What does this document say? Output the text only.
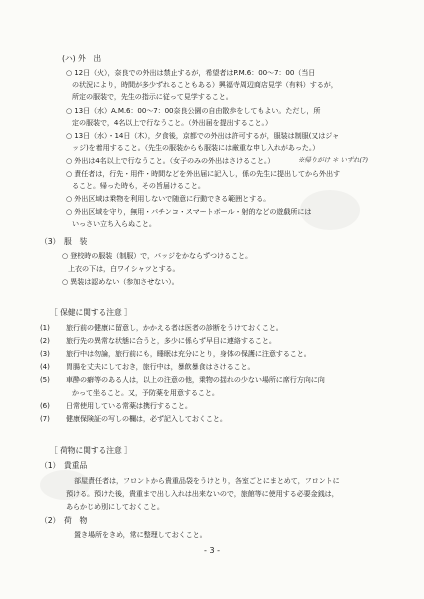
(ハ) 外　出
○ 12日（火），奈良での外出は禁止するが，希望者はP.M.6：00～7：00（当日
の状況により，時間が多少ずれることもある）興福寺周辺商店見学（有料）するが，
所定の服装で，先生の指示に従って見学すること。
○ 13日（水）A.M.6：00～7：00奈良公園の自由散歩をしてもよい。ただし，所
定の服装で，4名以上で行なうこと。（外出届を提出すること。）
○ 13日（水）・14日（木），夕食後，京都での外出は許可するが，服装は制服(又はジャ
ッジ)を着用すること。（先生の服装からも服装には厳重な申し入れがあった。）
○ 外出は4名以上で行なうこと。（女子のみの外出はさけること。）	※帰りがけ ＊ いずれ(?)
○ 責任者は，行先・用件・時間などを外出届に記入し，係の先生に提出してから外出す
ること。帰った時も，その旨届けること。
○ 外出区域は乗物を利用しないで随意に行動できる範囲とする。
○ 外出区域を守り，無用・パチンコ・スマートボール・射的などの遊戯所には
いっさい立ち入らぬこと。
（3）　服　装
○ 登校時の服装（制服）で，バッジをかならずつけること。
上衣の下は，白ワイシャツとする。
○ 異装は認めない（参加させない）。
［ 保健に関する注意 ］
(1) 旅行前の健康に留意し，かかえる者は医者の診断をうけておくこと。
(2) 旅行先の異常な状態に合うと，多少に係らず早目に連絡すること。
(3) 旅行中は勿論，旅行前にも，睡眠は充分にとり，身体の保護に注意すること。
(4) 胃腸を丈夫にしておき，旅行中は，暴飲暴食はさけること。
(5) 車酔の癖等のある人は，以上の注意の他，乗物の揺れの少ない場所に席行方向に向
かって坐ること。又，予防薬を用意すること。
(6) 日常使用している常薬は携行すること。
(7) 健康保険証の写しの欄は，必ず記入しておくこと。
［ 荷物に関する注意 ］
（1）　貴重品
部屋責任者は，フロントから貴重品袋をうけとり，各室ごとにまとめて，フロントに
預ける。預けた後，貴重まで出し入れは出来ないので，旅館等に使用する必要金銭は，
あらかじめ別にしておくこと。
（2）　荷　物
置き場所をきめ，常に整理しておくこと。
- 3 -
